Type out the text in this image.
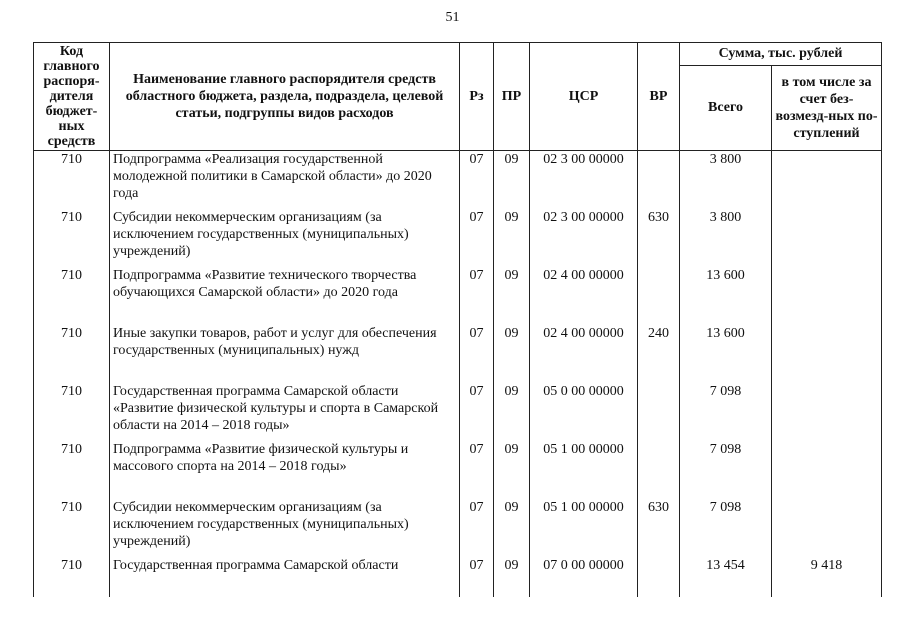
51
Код главного распоря-дителя бюджет-ных средств	Наименование главного распорядителя средств областного бюджета, раздела, подраздела, целевой статьи, подгруппы видов расходов	Рз	ПР	ЦСР	ВР	Сумма, тыс. рублей	
						Всего	в том числе за счет без-возмезд-ных по-ступлений
710	Подпрограмма «Реализация государственной молодежной политики в Самарской области» до 2020 года	07	09	02 3 00 00000		3 800	
710	Субсидии некоммерческим организациям (за исключением государственных (муниципальных) учреждений)	07	09	02 3 00 00000	630	3 800	
710	Подпрограмма «Развитие технического творчества обучающихся Самарской области» до 2020 года	07	09	02 4 00 00000		13 600	
710	Иные закупки товаров, работ и услуг для обеспечения государственных (муниципальных) нужд	07	09	02 4 00 00000	240	13 600	
710	Государственная программа Самарской области «Развитие физической культуры и спорта в Самарской области на 2014 – 2018 годы»	07	09	05 0 00 00000		7 098	
710	Подпрограмма «Развитие физической культуры и массового спорта на 2014 – 2018 годы»	07	09	05 1 00 00000		7 098	
710	Субсидии некоммерческим организациям (за исключением государственных (муниципальных) учреждений)	07	09	05 1 00 00000	630	7 098	
710	Государственная программа Самарской области	07	09	07 0 00 00000		13 454	9 418
